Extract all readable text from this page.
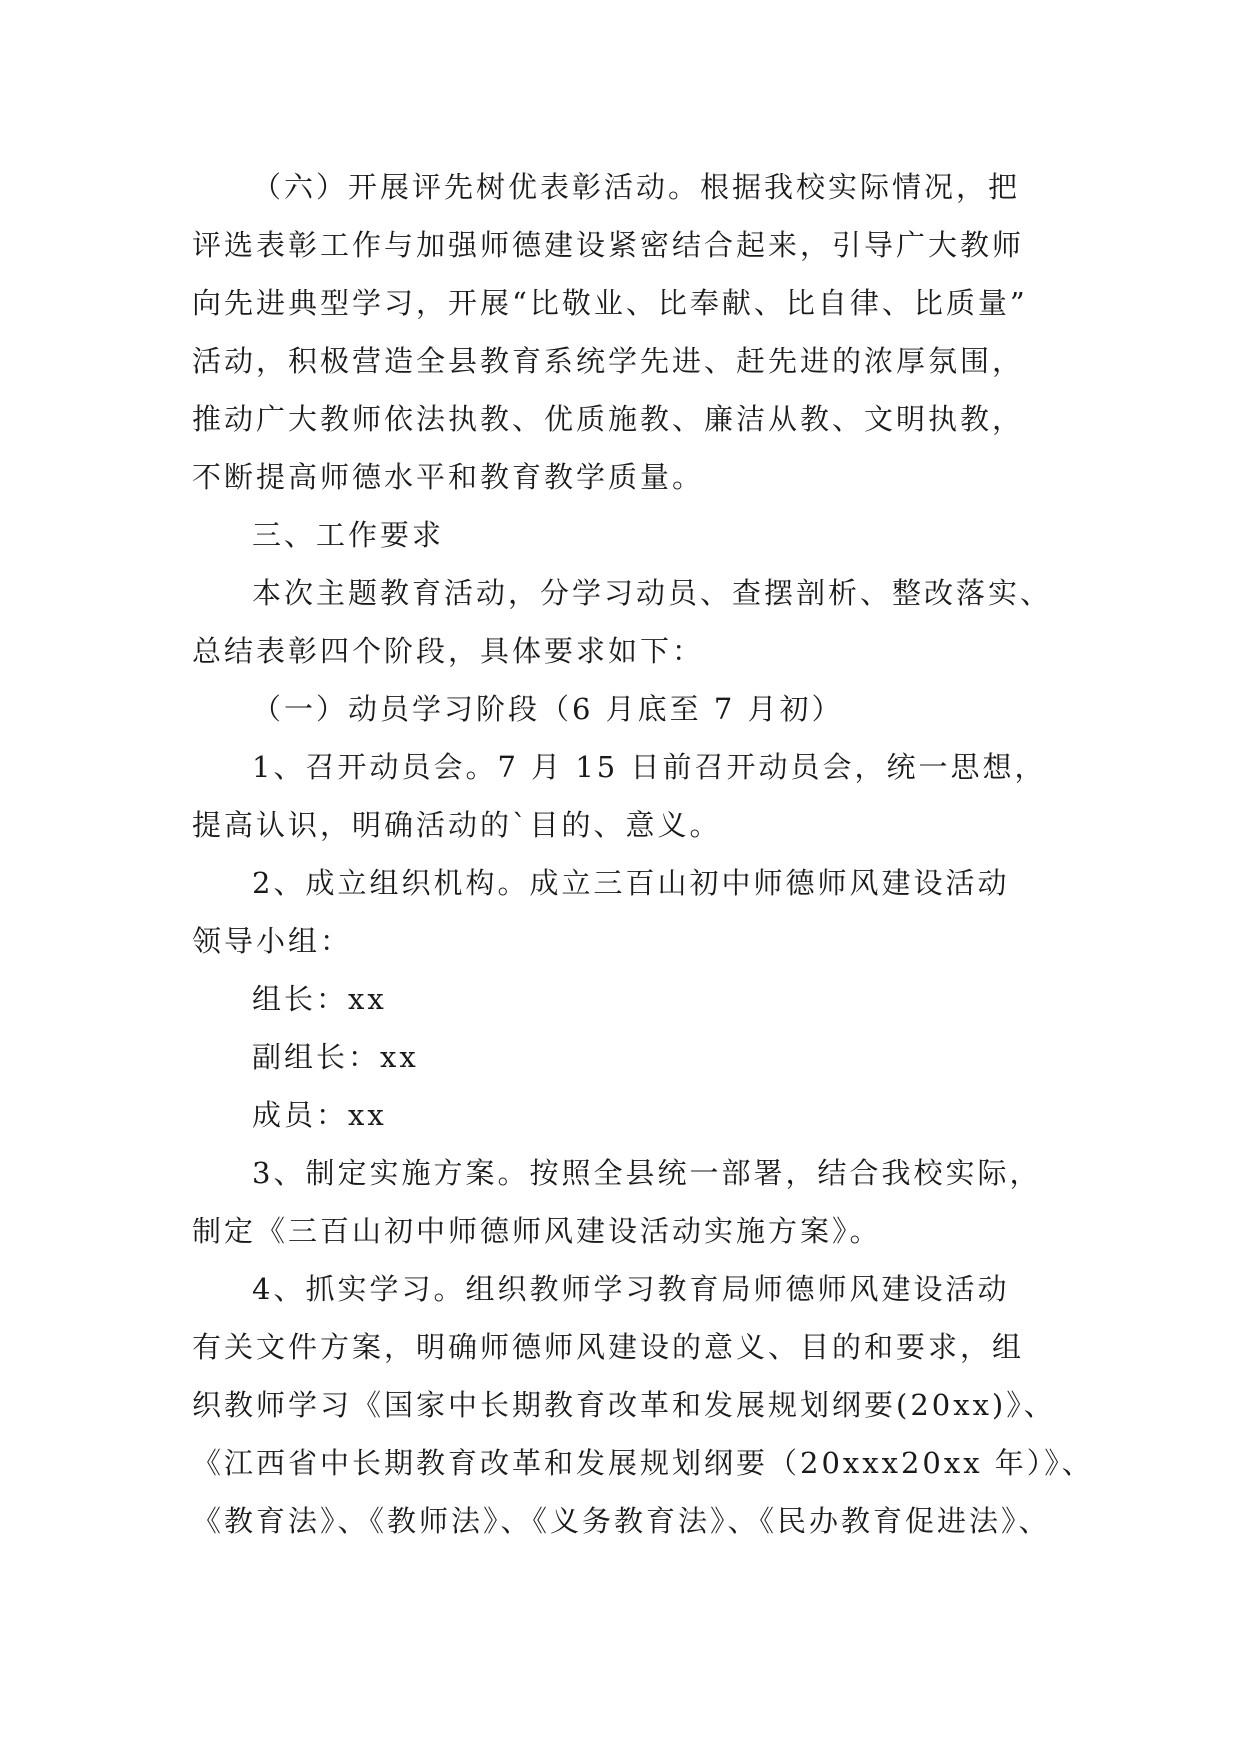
（六）开展评先树优表彰活动。根据我校实际情况，把
评选表彰工作与加强师德建设紧密结合起来，引导广大教师
向先进典型学习，开展“比敬业、比奉献、比自律、比质量”
活动，积极营造全县教育系统学先进、赶先进的浓厚氛围，
推动广大教师依法执教、优质施教、廉洁从教、文明执教，
不断提高师德水平和教育教学质量。
三、工作要求
本次主题教育活动，分学习动员、查摆剖析、整改落实、
总结表彰四个阶段，具体要求如下：
（一）动员学习阶段（6 月底至 7 月初）
1、召开动员会。7 月 15 日前召开动员会，统一思想，
提高认识，明确活动的`目的、意义。
2、成立组织机构。成立三百山初中师德师风建设活动
领导小组：
组长：xx
副组长：xx
成员：xx
3、制定实施方案。按照全县统一部署，结合我校实际，
制定《三百山初中师德师风建设活动实施方案》。
4、抓实学习。组织教师学习教育局师德师风建设活动
有关文件方案，明确师德师风建设的意义、目的和要求，组
织教师学习《国家中长期教育改革和发展规划纲要(20xx)》、
《江西省中长期教育改革和发展规划纲要（20xxx20xx 年）》、
《教育法》、《教师法》、《义务教育法》、《民办教育促进法》、
